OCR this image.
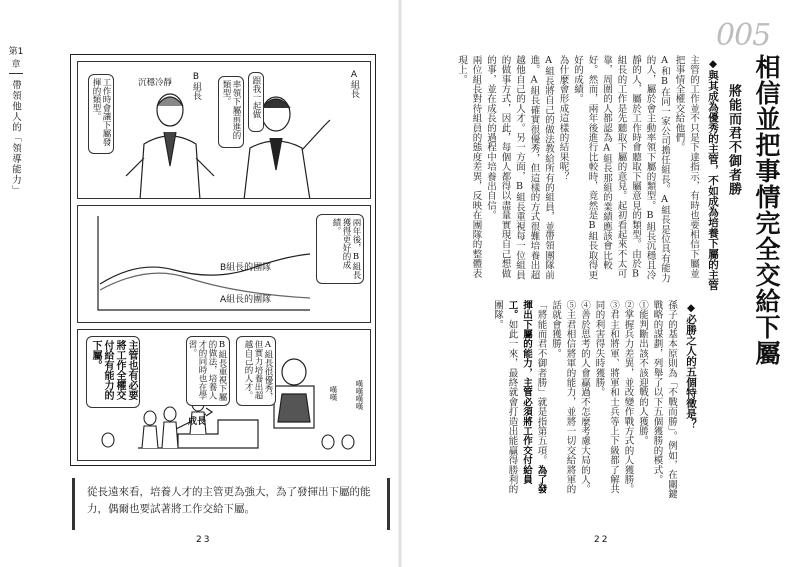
第1章
帶領他人的「領導能力」	A組長
跟我一起做
率領下屬前進的類型。
沉穩冷靜 B組長
工作時會讓下屬發揮的類型。
B組長的團隊
A組長的團隊
兩年後，B組長獲得更好的成績。
A組長很優秀，但實力培養出超越自己的人才。
B組長重視下屬的做法，培養人才的同時也在學習。
成長
主管也有必要將工作全權交付給有能力的下屬。
嘆嘆 嘆嘆嘆嘆
從長遠來看，培養人才的主管更為強大，為了發揮出下屬的能力，偶爾也要試著將工作交給下屬。
23
005
相信並把事情完全交給下屬
將能而君不御者勝
◆與其成為優秀的主管，不如成為培養下屬的主管

主管的工作並不只是下達指示，有時也要相信下屬並把事情全權交給他們。

A和B在同一家公司擔任組長。A組長是位具有能力的人，屬於會主動率領下屬的類型。B組長沉穩且冷靜的人，屬於工作時會聽取下屬意見的類型。由於B組長的工作是先聽取下屬的意見。起初看起來不太可靠，周圍的人都認為A組長那組的業績應該會比較好。然而，兩年後進行比較時，竟然是B組長取得更好的成績。

為什麼會形成這樣的結果呢？

A組長將自己的做法教給所有的組員，並帶領團隊前進。A組長確實很優秀，但這樣的方式很難培養出超越他自己的人才。另一方面，B組長重視每一位組員的做事方式，因此，每個人都得以盡量實現自己想做的事，並在成長的過程中培養出自信。

兩位組長對待組員的態度差異，反映在團隊的整體表現上。

◆必勝之人的五個特徵是？

孫子的基本原則為「不戰而勝」。例如，在關鍵戰略的謀劃，列舉了以下五個獲勝的模式。

①能判斷出該不該迎戰的人獲勝。

②掌握兵力差異，並改變作戰方式的人獲勝。

③君主和將軍、將軍和士兵等上下級都了解共同的利害得失時獲勝。

④善於思考的人會贏過不怎麼考慮大局的人。

⑤主君相信將軍的能力，並將一切交給將軍的話就會獲勝。

「將能而君不御者勝」就是指第五項。為了發揮出下屬的能力，主管必須將工作交付給員工。如此一來，最終就會打造出能贏得勝利的團隊。

22
